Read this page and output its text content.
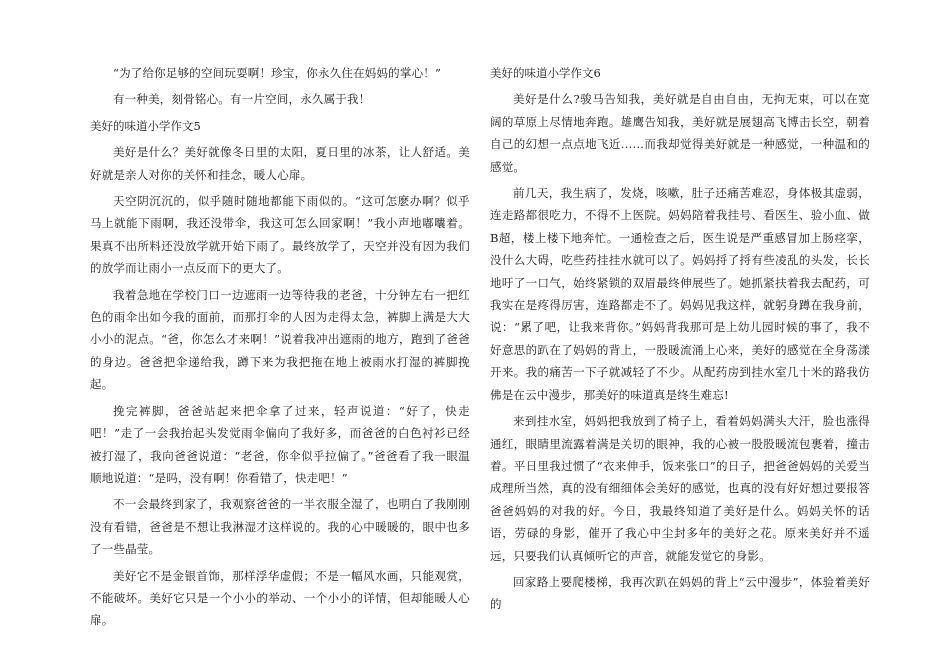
“为了给你足够的空间玩耍啊！珍宝，你永久住在妈妈的掌心！”

有一种美，刻骨铭心。有一片空间，永久属于我！

美好的味道小学作文5

美好是什么？美好就像冬日里的太阳，夏日里的冰茶，让人舒适。美好就是亲人对你的关怀和挂念，暖人心扉。

天空阴沉沉的，似乎随时随地都能下雨似的。“这可怎麽办啊？似乎马上就能下雨啊，我还没带伞，我这可怎么回家啊！”我小声地嘟囔着。果真不出所料还没放学就开始下雨了。最终放学了，天空并没有因为我们的放学而让雨小一点反而下的更大了。

我着急地在学校门口一边遮雨一边等待我的老爸，十分钟左右一把红色的雨伞出如今我的面前，而那打伞的人因为走得太急，裤脚上满是大大小小的泥点。“爸，你怎么才来啊！”说着我冲出遮雨的地方，跑到了爸爸的身边。爸爸把伞递给我，蹲下来为我把拖在地上被雨水打湿的裤脚挽起。

挽完裤脚，爸爸站起来把伞拿了过来，轻声说道：“好了，快走吧！”走了一会我抬起头发觉雨伞偏向了我好多，而爸爸的白色衬衫已经被打湿了，我向爸爸说道：“老爸，你伞似乎拉偏了。”爸爸看了我一眼温顺地说道：“是吗，没有啊！你看错了，快走吧！”

不一会最终到家了，我观察爸爸的一半衣服全湿了，也明白了我刚刚没有看错，爸爸是不想让我淋湿才这样说的。我的心中暖暖的，眼中也多了一些晶莹。

美好它不是金银首饰，那样浮华虚假；不是一幅风水画，只能观赏，不能破坏。美好它只是一个小小的举动、一个小小的详情，但却能暖人心扉。

美好的味道小学作文6

美好是什么?骏马告知我，美好就是自由自由，无拘无束，可以在宽阔的草原上尽情地奔跑。雄鹰告知我，美好就是展翅高飞博击长空，朝着自己的幻想一点点地飞近……而我却觉得美好就是一种感觉，一种温和的感觉。

前几天，我生病了，发烧，咳嗽，肚子还痛苦难忍，身体极其虚弱，连走路都很吃力，不得不上医院。妈妈陪着我挂号、看医生、验小血、做B超，楼上楼下地奔忙。一通检查之后，医生说是严重感冒加上肠痉挛，没什么大碍，吃些药挂挂水就可以了。妈妈捋了捋有些凌乱的头发，长长地吁了一口气，始终紧锁的双眉最终伸展些了。她抓紧扶着我去配药，可我实在是疼得厉害，连路都走不了。妈妈见我这样，就躬身蹲在我身前，说：“累了吧，让我来背你。”妈妈背我那可是上幼儿园时候的事了，我不好意思的趴在了妈妈的背上，一股暖流涌上心来，美好的感觉在全身荡漾开来。我的痛苦一下子就减轻了不少。从配药房到挂水室几十米的路我仿佛是在云中漫步，那美好的味道真是终生难忘!

来到挂水室，妈妈把我放到了椅子上，看着妈妈满头大汗，脸也涨得通红，眼睛里流露着满是关切的眼神，我的心被一股股暖流包裹着，撞击着。平日里我过惯了“衣来伸手，饭来张口”的日子，把爸爸妈妈的关爱当成理所当然，真的没有细细体会美好的感觉，也真的没有好好想过要报答爸爸妈妈的对我的好。今日，我最终知道了美好是什么。妈妈关怀的话语，劳碌的身影，催开了我心中尘封多年的美好之花。原来美好并不遥远，只要我们认真倾听它的声音，就能发觉它的身影。

回家路上要爬楼梯，我再次趴在妈妈的背上“云中漫步”，体验着美好的
